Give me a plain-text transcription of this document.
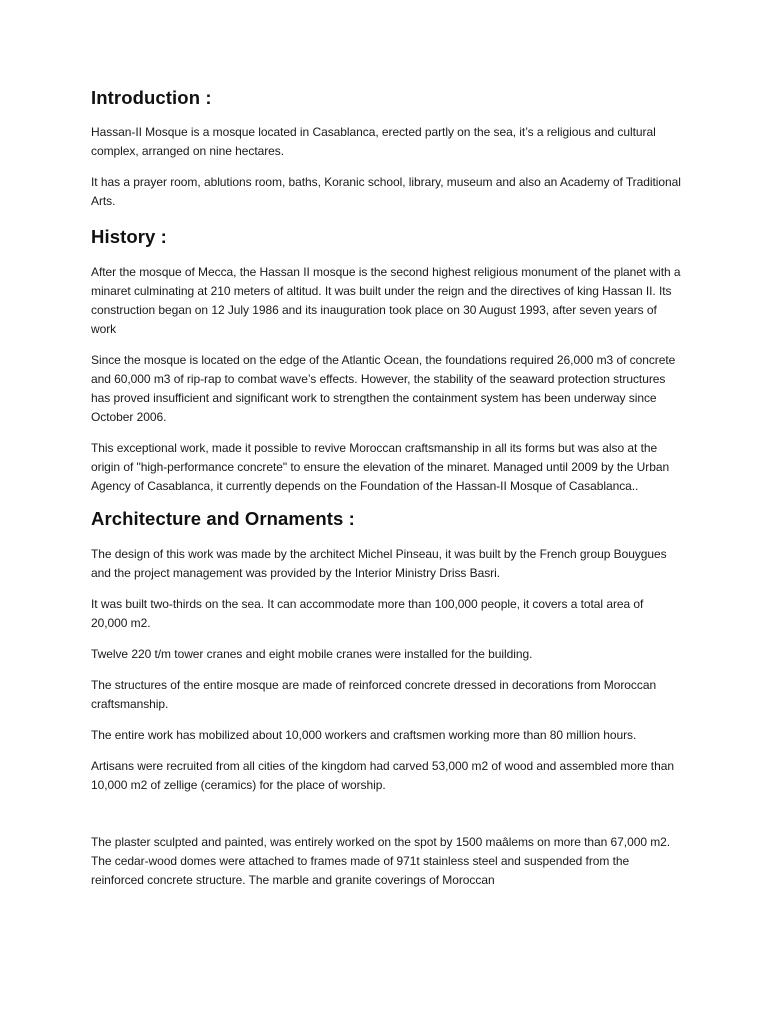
Introduction :

Hassan-II Mosque is a mosque located in Casablanca, erected partly on the sea, it’s a religious and cultural complex, arranged on nine hectares.

It has a prayer room, ablutions room, baths, Koranic school, library, museum and also an Academy of Traditional Arts.

History :

After the mosque of Mecca, the Hassan II mosque is the second highest religious monument of the planet with a minaret culminating at 210 meters of altitud. It was built under the reign and the directives of king Hassan II. Its construction began on 12 July 1986 and its inauguration took place on 30 August 1993, after seven years of work

Since the mosque is located on the edge of the Atlantic Ocean, the foundations required 26,000 m3 of concrete and 60,000 m3 of rip-rap to combat wave’s effects. However, the stability of the seaward protection structures has proved insufficient and significant work to strengthen the containment system has been underway since October 2006.

This exceptional work, made it possible to revive Moroccan craftsmanship in all its forms but was also at the origin of "high-performance concrete" to ensure the elevation of the minaret. Managed until 2009 by the Urban Agency of Casablanca, it currently depends on the Foundation of the Hassan-II Mosque of Casablanca..

Architecture and Ornaments :

The design of this work was made by the architect Michel Pinseau, it was built by the French group Bouygues and the project management was provided by the Interior Ministry Driss Basri.

It was built two-thirds on the sea. It can accommodate more than 100,000 people, it covers a total area of 20,000 m2.

Twelve 220 t/m tower cranes and eight mobile cranes were installed for the building.

The structures of the entire mosque are made of reinforced concrete dressed in decorations from Moroccan craftsmanship.

The entire work has mobilized about 10,000 workers and craftsmen working more than 80 million hours.

Artisans were recruited from all cities of the kingdom had carved 53,000 m2 of wood and assembled more than 10,000 m2 of zellige (ceramics) for the place of worship.

The plaster sculpted and painted, was entirely worked on the spot by 1500 maâlems on more than 67,000 m2. The cedar-wood domes were attached to frames made of 971t stainless steel and suspended from the reinforced concrete structure. The marble and granite coverings of Moroccan
